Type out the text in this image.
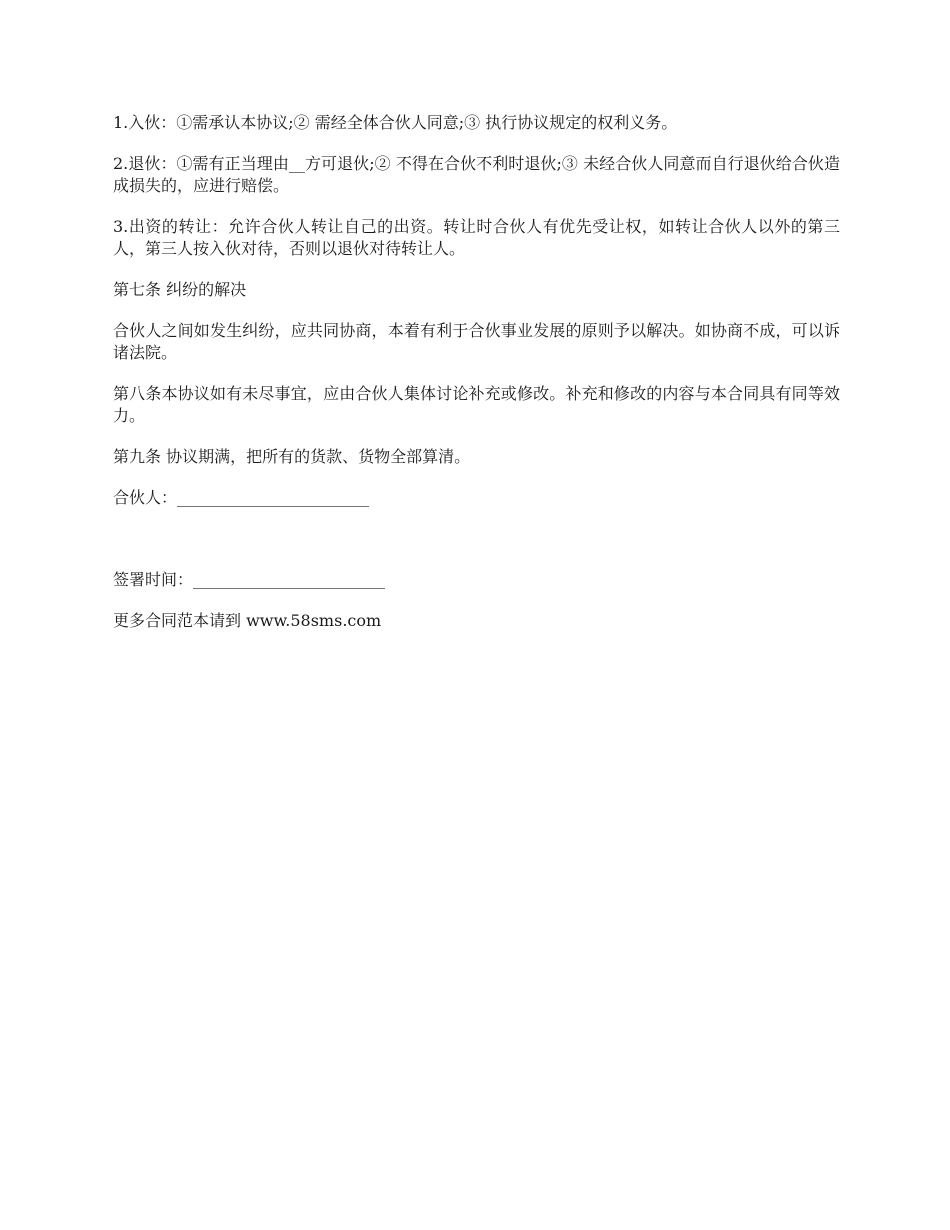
1.入伙：①需承认本协议;② 需经全体合伙人同意;③ 执行协议规定的权利义务。

2.退伙：①需有正当理由__方可退伙;② 不得在合伙不利时退伙;③ 未经合伙人同意而自行退伙给合伙造成损失的，应进行赔偿。

3.出资的转让：允许合伙人转让自己的出资。转让时合伙人有优先受让权，如转让合伙人以外的第三人，第三人按入伙对待，否则以退伙对待转让人。

第七条 纠纷的解决

合伙人之间如发生纠纷，应共同协商，本着有利于合伙事业发展的原则予以解决。如协商不成，可以诉诸法院。

第八条本协议如有未尽事宜，应由合伙人集体讨论补充或修改。补充和修改的内容与本合同具有同等效力。

第九条 协议期满，把所有的货款、货物全部算清。

合伙人：________________________

签署时间：________________________

更多合同范本请到 www.58sms.com
